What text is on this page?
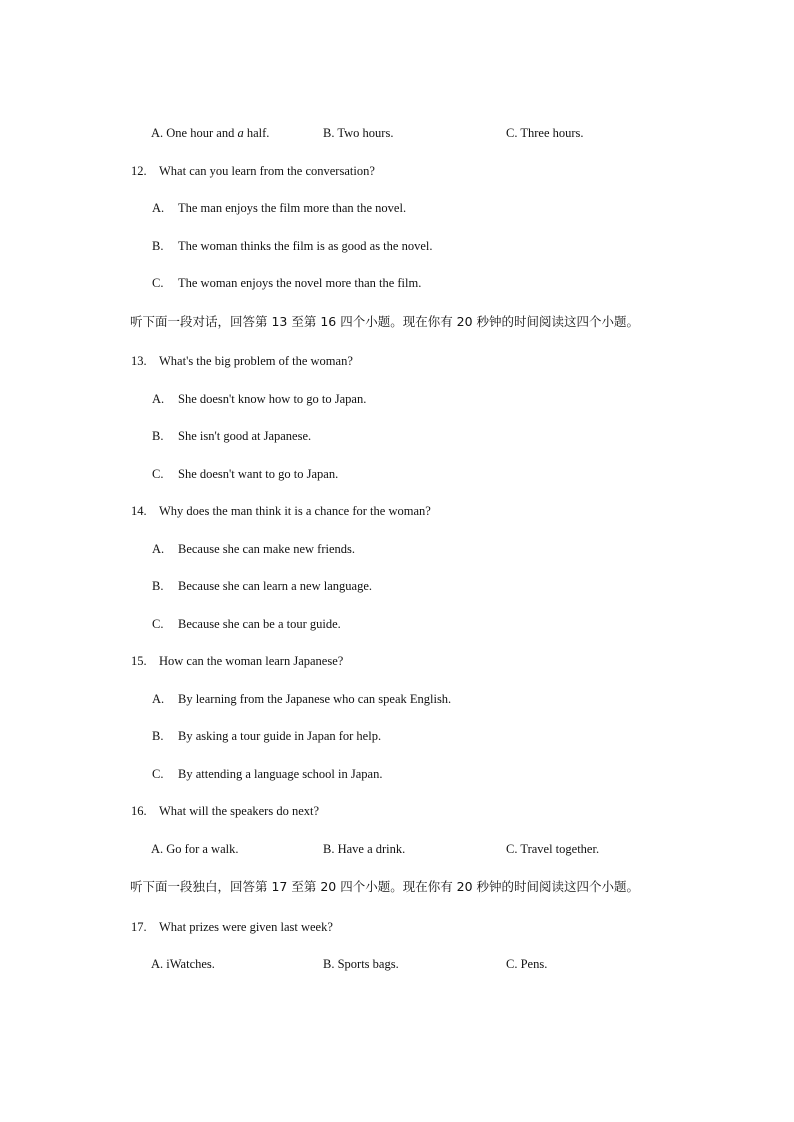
A. One hour and a half.	B. Two hours.	C. Three hours.
12. What can you learn from the conversation?
A. The man enjoys the film more than the novel.
B. The woman thinks the film is as good as the novel.
C. The woman enjoys the novel more than the film.
听下面一段对话，回答第 13 至第 16 四个小题。现在你有 20 秒钟的时间阅读这四个小题。
13. What's the big problem of the woman?
A. She doesn't know how to go to Japan.
B. She isn't good at Japanese.
C. She doesn't want to go to Japan.
14. Why does the man think it is a chance for the woman?
A. Because she can make new friends.
B. Because she can learn a new language.
C. Because she can be a tour guide.
15. How can the woman learn Japanese?
A. By learning from the Japanese who can speak English.
B. By asking a tour guide in Japan for help.
C. By attending a language school in Japan.
16. What will the speakers do next?
A. Go for a walk.	B. Have a drink.	C. Travel together.
听下面一段独白，回答第 17 至第 20 四个小题。现在你有 20 秒钟的时间阅读这四个小题。
17. What prizes were given last week?
A. iWatches.	B. Sports bags.	C. Pens.
